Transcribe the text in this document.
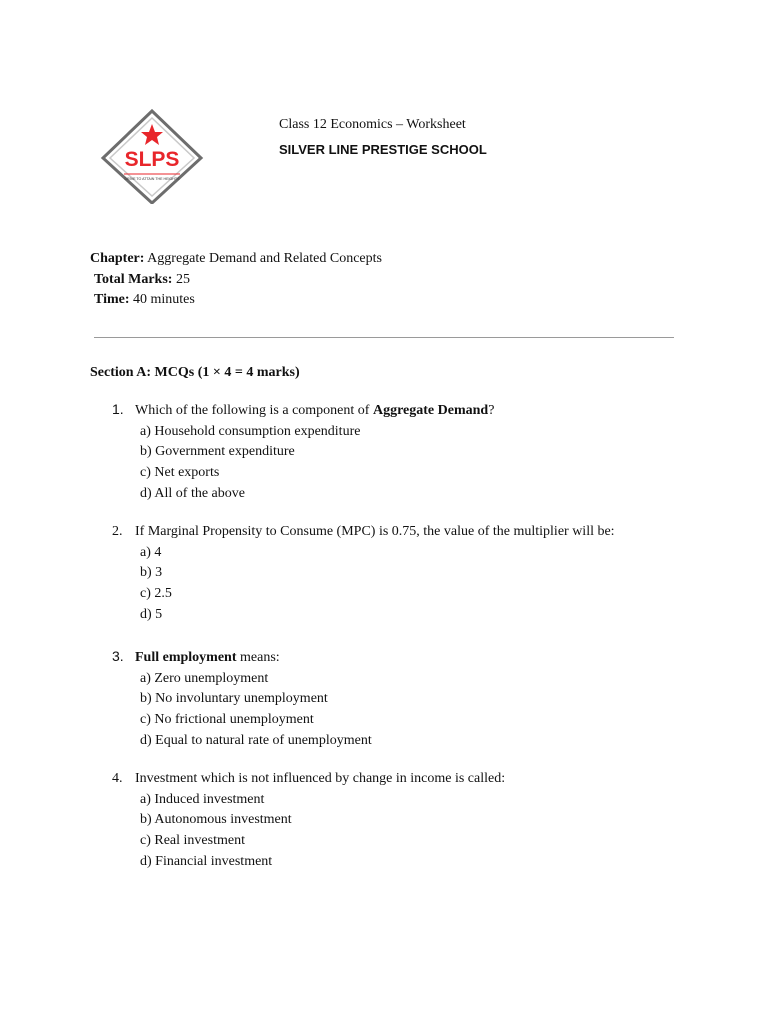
SLPS
DRIVE TO ATTAIN THE HEIGHTS
Class 12 Economics – Worksheet
SILVER LINE PRESTIGE SCHOOL
Chapter: Aggregate Demand and Related Concepts
Total Marks: 25
Time: 40 minutes
Section A: MCQs (1 × 4 = 4 marks)
1. Which of the following is a component of Aggregate Demand?
a) Household consumption expenditure
b) Government expenditure
c) Net exports
d) All of the above
2. If Marginal Propensity to Consume (MPC) is 0.75, the value of the multiplier will be:
a) 4
b) 3
c) 2.5
d) 5
3. Full employment means:
a) Zero unemployment
b) No involuntary unemployment
c) No frictional unemployment
d) Equal to natural rate of unemployment
4. Investment which is not influenced by change in income is called:
a) Induced investment
b) Autonomous investment
c) Real investment
d) Financial investment
